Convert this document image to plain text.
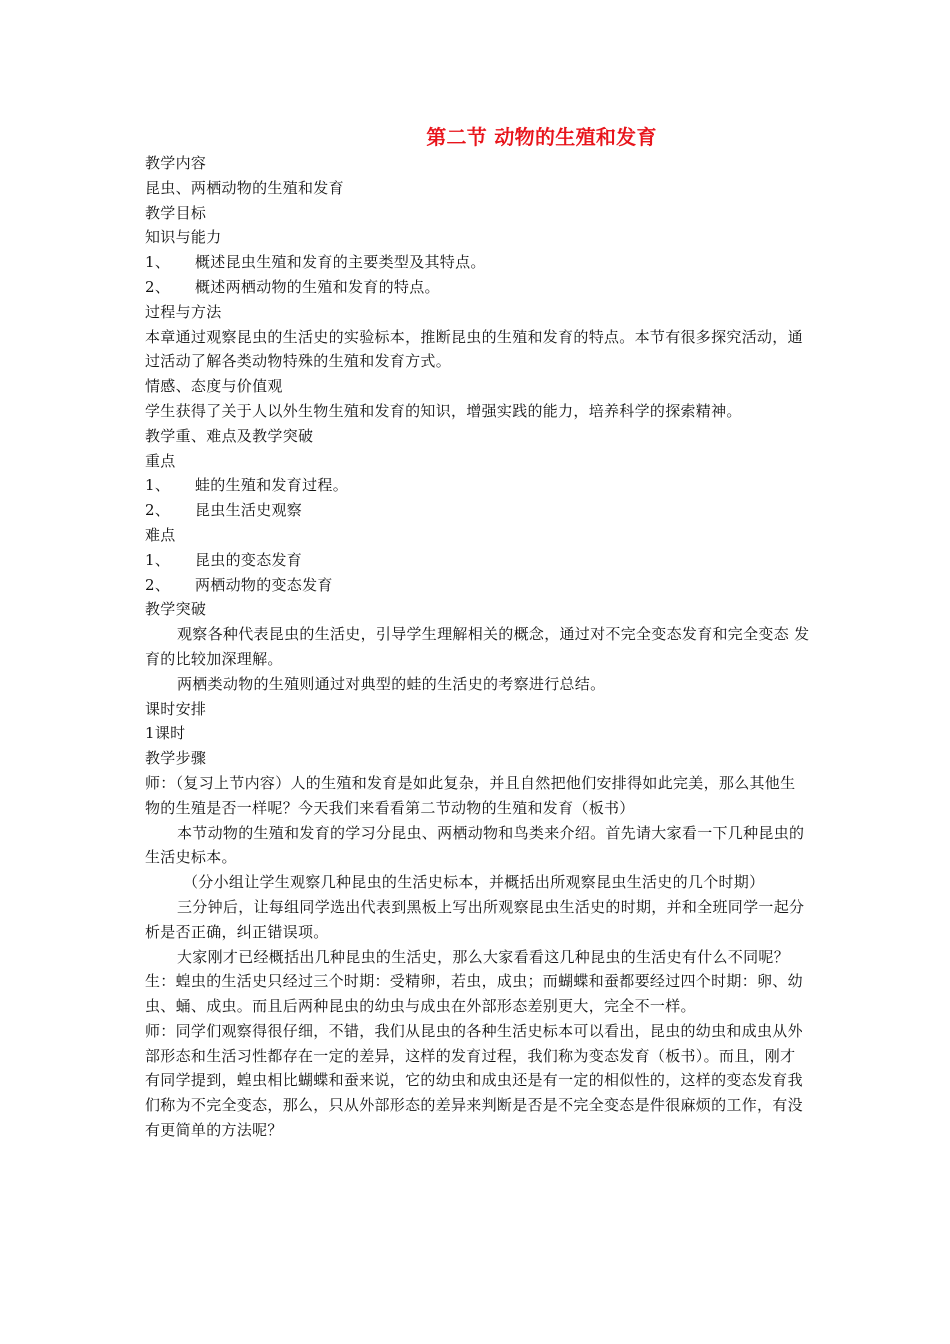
第二节 动物的生殖和发育

教学内容

昆虫、两栖动物的生殖和发育

教学目标

知识与能力

1、 概述昆虫生殖和发育的主要类型及其特点。

2、 概述两栖动物的生殖和发育的特点。

过程与方法

本章通过观察昆虫的生活史的实验标本，推断昆虫的生殖和发育的特点。本节有很多探究活动，通过活动了解各类动物特殊的生殖和发育方式。

情感、态度与价值观

学生获得了关于人以外生物生殖和发育的知识，增强实践的能力，培养科学的探索精神。

教学重、难点及教学突破

重点

1、 蛙的生殖和发育过程。

2、 昆虫生活史观察

难点

1、 昆虫的变态发育

2、 两栖动物的变态发育

教学突破

观察各种代表昆虫的生活史，引导学生理解相关的概念，通过对不完全变态发育和完全变态 发育的比较加深理解。

两栖类动物的生殖则通过对典型的蛙的生活史的考察进行总结。

课时安排

1课时

教学步骤

师：（复习上节内容）人的生殖和发育是如此复杂，并且自然把他们安排得如此完美，那么其他生物的生殖是否一样呢？今天我们来看看第二节动物的生殖和发育（板书）

本节动物的生殖和发育的学习分昆虫、两栖动物和鸟类来介绍。首先请大家看一下几种昆虫的生活史标本。

（分小组让学生观察几种昆虫的生活史标本，并概括出所观察昆虫生活史的几个时期）

三分钟后，让每组同学选出代表到黑板上写出所观察昆虫生活史的时期，并和全班同学一起分析是否正确，纠正错误项。

大家刚才已经概括出几种昆虫的生活史，那么大家看看这几种昆虫的生活史有什么不同呢？

生：蝗虫的生活史只经过三个时期：受精卵，若虫，成虫；而蝴蝶和蚕都要经过四个时期：卵、幼虫、蛹、成虫。而且后两种昆虫的幼虫与成虫在外部形态差别更大，完全不一样。

师：同学们观察得很仔细，不错，我们从昆虫的各种生活史标本可以看出，昆虫的幼虫和成虫从外部形态和生活习性都存在一定的差异，这样的发育过程，我们称为变态发育（板书）。而且，刚才有同学提到，蝗虫相比蝴蝶和蚕来说，它的幼虫和成虫还是有一定的相似性的，这样的变态发育我们称为不完全变态，那么，只从外部形态的差异来判断是否是不完全变态是件很麻烦的工作，有没有更简单的方法呢？
